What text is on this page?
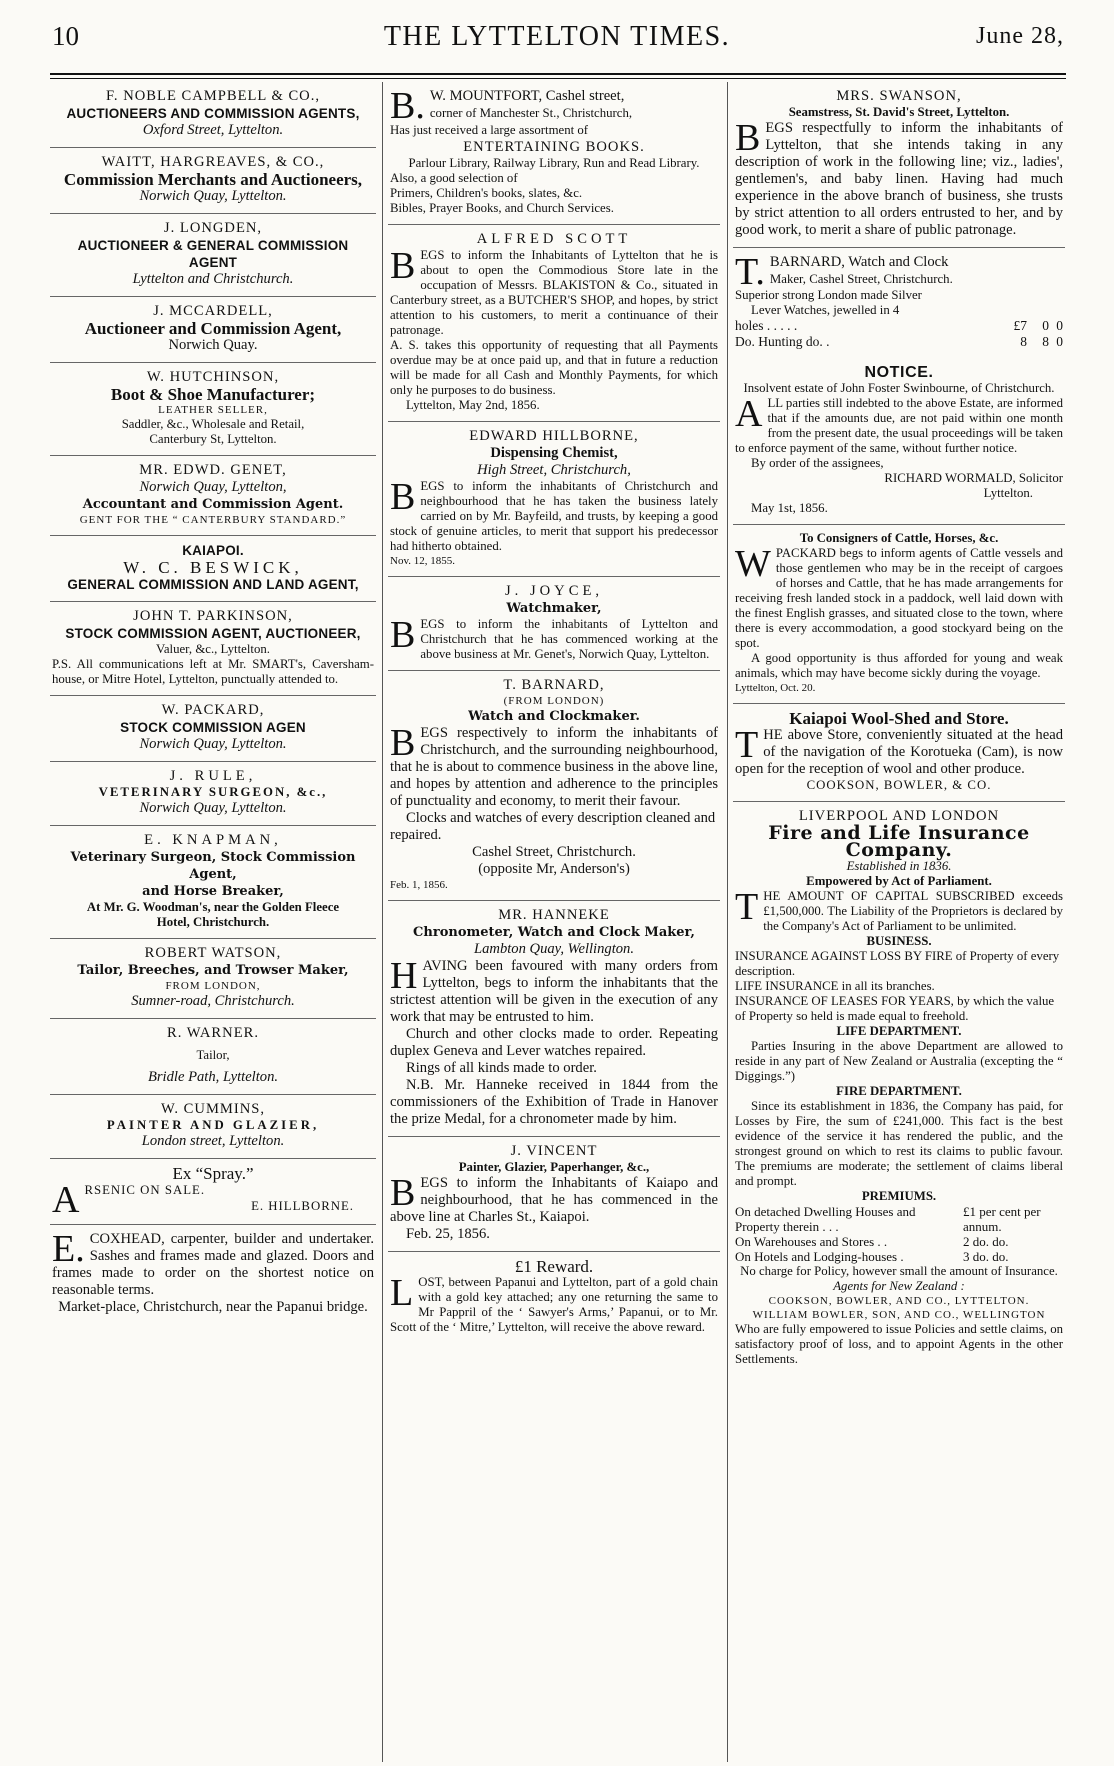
10	THE LYTTELTON TIMES.	June 28,
F. NOBLE CAMPBELL & CO.,
AUCTIONEERS AND COMMISSION AGENTS,
Oxford Street, Lyttelton.
WAITT, HARGREAVES, & CO.,
Commission Merchants and Auctioneers,
Norwich Quay, Lyttelton.
J. LONGDEN,
AUCTIONEER & GENERAL COMMISSION AGENT
Lyttelton and Christchurch.
J. MCCARDELL,
Auctioneer and Commission Agent,
Norwich Quay.
W. HUTCHINSON,
Boot & Shoe Manufacturer;
LEATHER SELLER,
Saddler, &c., Wholesale and Retail,
Canterbury St, Lyttelton.
MR. EDWD. GENET,
Norwich Quay, Lyttelton,
Accountant and Commission Agent.
GENT FOR THE “ CANTERBURY STANDARD.”
KAIAPOI.
W. C. BESWICK,
GENERAL COMMISSION AND LAND AGENT,
JOHN T. PARKINSON,
STOCK COMMISSION AGENT, AUCTIONEER,
Valuer, &c., Lyttelton.
P.S. All communications left at Mr. SMART's, Caversham-house, or Mitre Hotel, Lyttelton, punctually attended to.
W. PACKARD,
STOCK COMMISSION AGEN
Norwich Quay, Lyttelton.
J. RULE,
VETERINARY SURGEON, &c.,
Norwich Quay, Lyttelton.
E. KNAPMAN,
Veterinary Surgeon, Stock Commission Agent,
and Horse Breaker,
At Mr. G. Woodman's, near the Golden Fleece
Hotel, Christchurch.
ROBERT WATSON,
Tailor, Breeches, and Trowser Maker,
FROM LONDON,
Sumner-road, Christchurch.
R. WARNER.
Tailor,
Bridle Path, Lyttelton.
W. CUMMINS,
PAINTER AND GLAZIER,
London street, Lyttelton.
Ex “Spray.”
ARSENIC ON SALE.
E. HILLBORNE.
E. COXHEAD, carpenter, builder and undertaker. Sashes and frames made and glazed. Doors and frames made to order on the shortest notice on reasonable terms.
Market-place, Christchurch, near the Papanui bridge.
B. W. MOUNTFORT, Cashel street,
corner of Manchester St., Christchurch,
Has just received a large assortment of
ENTERTAINING BOOKS.
Parlour Library, Railway Library, Run and Read Library.
Also, a good selection of
Primers, Children's books, slates, &c.
Bibles, Prayer Books, and Church Services.
ALFRED SCOTT
BEGS to inform the Inhabitants of Lyttelton that he is about to open the Commodious Store late in the occupation of Messrs. BLAKISTON & Co., situated in Canterbury street, as a BUTCHER'S SHOP, and hopes, by strict attention to his customers, to merit a continuance of their patronage.
A. S. takes this opportunity of requesting that all Payments overdue may be at once paid up, and that in future a reduction will be made for all Cash and Monthly Payments, for which only he purposes to do business.
Lyttelton, May 2nd, 1856.
EDWARD HILLBORNE,
Dispensing Chemist,
High Street, Christchurch,
BEGS to inform the inhabitants of Christchurch and neighbourhood that he has taken the business lately carried on by Mr. Bayfeild, and trusts, by keeping a good stock of genuine articles, to merit that support his predecessor had hitherto obtained.
Nov. 12, 1855.
J. JOYCE,
Watchmaker,
BEGS to inform the inhabitants of Lyttelton and Christchurch that he has commenced working at the above business at Mr. Genet's, Norwich Quay, Lyttelton.
T. BARNARD,
(FROM LONDON)
Watch and Clockmaker.
BEGS respectively to inform the inhabitants of Christchurch, and the surrounding neighbourhood, that he is about to commence business in the above line, and hopes by attention and adherence to the principles of punctuality and economy, to merit their favour.
Clocks and watches of every description cleaned and repaired.
Cashel Street, Christchurch.
(opposite Mr, Anderson's)
Feb. 1, 1856.
MR. HANNEKE
Chronometer, Watch and Clock Maker,
Lambton Quay, Wellington.
HAVING been favoured with many orders from Lyttelton, begs to inform the inhabitants that the strictest attention will be given in the execution of any work that may be entrusted to him.
Church and other clocks made to order. Repeating duplex Geneva and Lever watches repaired.
Rings of all kinds made to order.
N.B. Mr. Hanneke received in 1844 from the commissioners of the Exhibition of Trade in Hanover the prize Medal, for a chronometer made by him.
J. VINCENT
Painter, Glazier, Paperhanger, &c.,
BEGS to inform the Inhabitants of Kaiapo and neighbourhood, that he has commenced in the above line at Charles St., Kaiapoi.
Feb. 25, 1856.
£1 Reward.
LOST, between Papanui and Lyttelton, part of a gold chain with a gold key attached; any one returning the same to Mr Pappril of the ‘ Sawyer's Arms,’ Papanui, or to Mr. Scott of the ‘ Mitre,’ Lyttelton, will receive the above reward.
MRS. SWANSON,
Seamstress, St. David's Street, Lyttelton.
BEGS respectfully to inform the inhabitants of Lyttelton, that she intends taking in any description of work in the following line; viz., ladies', gentlemen's, and baby linen. Having had much experience in the above branch of business, she trusts by strict attention to all orders entrusted to her, and by good work, to merit a share of public patronage.
T. BARNARD, Watch and Clock
Maker, Cashel Street, Christchurch.
Superior strong London made Silver
Lever Watches, jewelled in 4
holes . . . . .	£7	0 0
Do. Hunting do. .	8	8 0
NOTICE.
Insolvent estate of John Foster Swinbourne, of Christchurch.
ALL parties still indebted to the above Estate, are informed that if the amounts due, are not paid within one month from the present date, the usual proceedings will be taken to enforce payment of the same, without further notice.
By order of the assignees,
RICHARD WORMALD, Solicitor
Lyttelton.
May 1st, 1856.
To Consigners of Cattle, Horses, &c.
WPACKARD begs to inform agents of Cattle vessels and those gentlemen who may be in the receipt of cargoes of horses and Cattle, that he has made arrangements for receiving fresh landed stock in a paddock, well laid down with the finest English grasses, and situated close to the town, where there is every accommodation, a good stockyard being on the spot.
A good opportunity is thus afforded for young and weak animals, which may have become sickly during the voyage.
Lyttelton, Oct. 20.
Kaiapoi Wool-Shed and Store.
THE above Store, conveniently situated at the head of the navigation of the Korotueka (Cam), is now open for the reception of wool and other produce.
COOKSON, BOWLER, & CO.
LIVERPOOL AND LONDON
Fire and Life Insurance Company.
Established in 1836.
Empowered by Act of Parliament.
THE AMOUNT OF CAPITAL SUBSCRIBED exceeds £1,500,000. The Liability of the Proprietors is declared by the Company's Act of Parliament to be unlimited.
BUSINESS.
INSURANCE AGAINST LOSS BY FIRE of Property of every description.
LIFE INSURANCE in all its branches.
INSURANCE OF LEASES FOR YEARS, by which the value of Property so held is made equal to freehold.
LIFE DEPARTMENT.
Parties Insuring in the above Department are allowed to reside in any part of New Zealand or Australia (excepting the “ Diggings.”)
FIRE DEPARTMENT.
Since its establishment in 1836, the Company has paid, for Losses by Fire, the sum of £241,000. This fact is the best evidence of the service it has rendered the public, and the strongest ground on which to rest its claims to public favour. The premiums are moderate; the settlement of claims liberal and prompt.
PREMIUMS.
On detached Dwelling Houses and Property therein . . .
£1 per cent per annum.
On Warehouses and Stores . .	2 do. do.
On Hotels and Lodging-houses .	3 do. do.
No charge for Policy, however small the amount of Insurance.
Agents for New Zealand :
COOKSON, BOWLER, AND CO., LYTTELTON.
WILLIAM BOWLER, SON, AND CO., WELLINGTON
Who are fully empowered to issue Policies and settle claims, on satisfactory proof of loss, and to appoint Agents in the other Settlements.
